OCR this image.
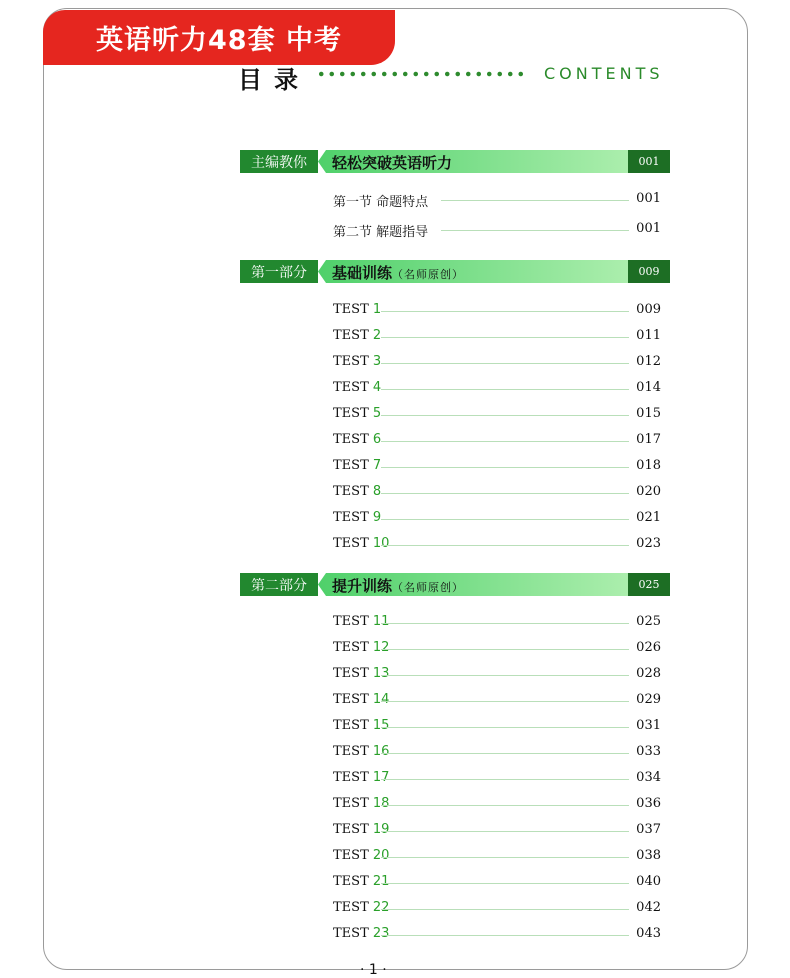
英语听力48套 中考
目录	CONTENTS
主编教你	轻松突破英语听力	001
第一节 命题特点	001
第二节 解题指导	001
第一部分	基础训练（名师原创）	009
TEST 1	009
TEST 2	011
TEST 3	012
TEST 4	014
TEST 5	015
TEST 6	017
TEST 7	018
TEST 8	020
TEST 9	021
TEST 10	023
第二部分	提升训练（名师原创）	025
TEST 11	025
TEST 12	026
TEST 13	028
TEST 14	029
TEST 15	031
TEST 16	033
TEST 17	034
TEST 18	036
TEST 19	037
TEST 20	038
TEST 21	040
TEST 22	042
TEST 23	043
· 1 ·
